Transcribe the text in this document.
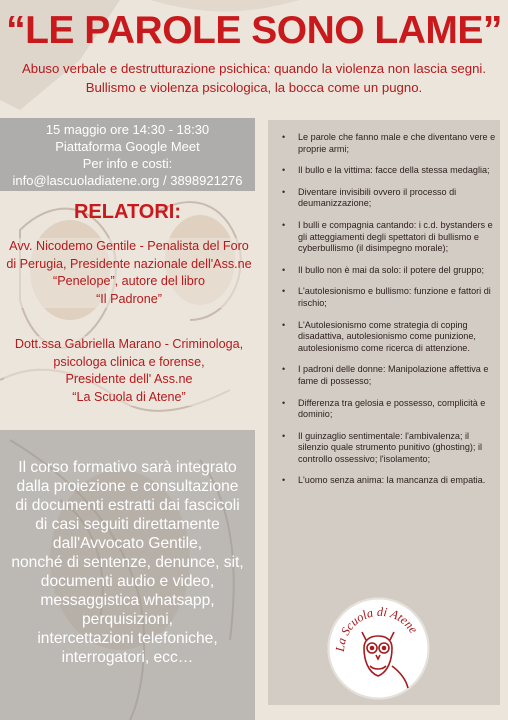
“LE PAROLE SONO LAME”

Abuso verbale e destrutturazione psichica: quando la violenza non lascia segni.

Bullismo e violenza psicologica, la bocca come un pugno.

15 maggio ore 14:30 - 18:30

Piattaforma Google Meet

Per info e costi:

info@lascuoladiatene.org / 3898921276

RELATORI:

Avv. Nicodemo Gentile - Penalista del Foro
di Perugia, Presidente nazionale dell'Ass.ne
“Penelope”, autore del libro
“Il Padrone”

Dott.ssa Gabriella Marano - Criminologa,
psicologa clinica e forense,
Presidente dell' Ass.ne
“La Scuola di Atene”

Il corso formativo sarà integrato
dalla proiezione e consultazione
di documenti estratti dai fascicoli
di casi seguiti direttamente
dall'Avvocato Gentile,
nonché di sentenze, denunce, sit,
documenti audio e video,
messaggistica whatsapp,
perquisizioni,
intercettazioni telefoniche,
interrogatori, ecc…

• Le parole che fanno male e che diventano vere e proprie armi;
• Il bullo e la vittima: facce della stessa medaglia;
• Diventare invisibili ovvero il processo di deumanizzazione;
• I bulli e compagnia cantando: i c.d. bystanders e gli atteggiamenti degli spettatori di bullismo e cyberbullismo (il disimpegno morale);
• Il bullo non è mai da solo: il potere del gruppo;
• L'autolesionismo e bullismo: funzione e fattori di rischio;
• L'Autolesionismo come strategia di coping disadattiva, autolesionismo come punizione, autolesionismo come ricerca di attenzione.
• I padroni delle donne: Manipolazione affettiva e fame di possesso;
• Differenza tra gelosia e possesso, complicità e dominio;
• Il guinzaglio sentimentale: l'ambivalenza; il silenzio quale strumento punitivo (ghosting); il controllo ossessivo; l'isolamento;
• L'uomo senza anima: la mancanza di empatia.
La Scuola di Atene
